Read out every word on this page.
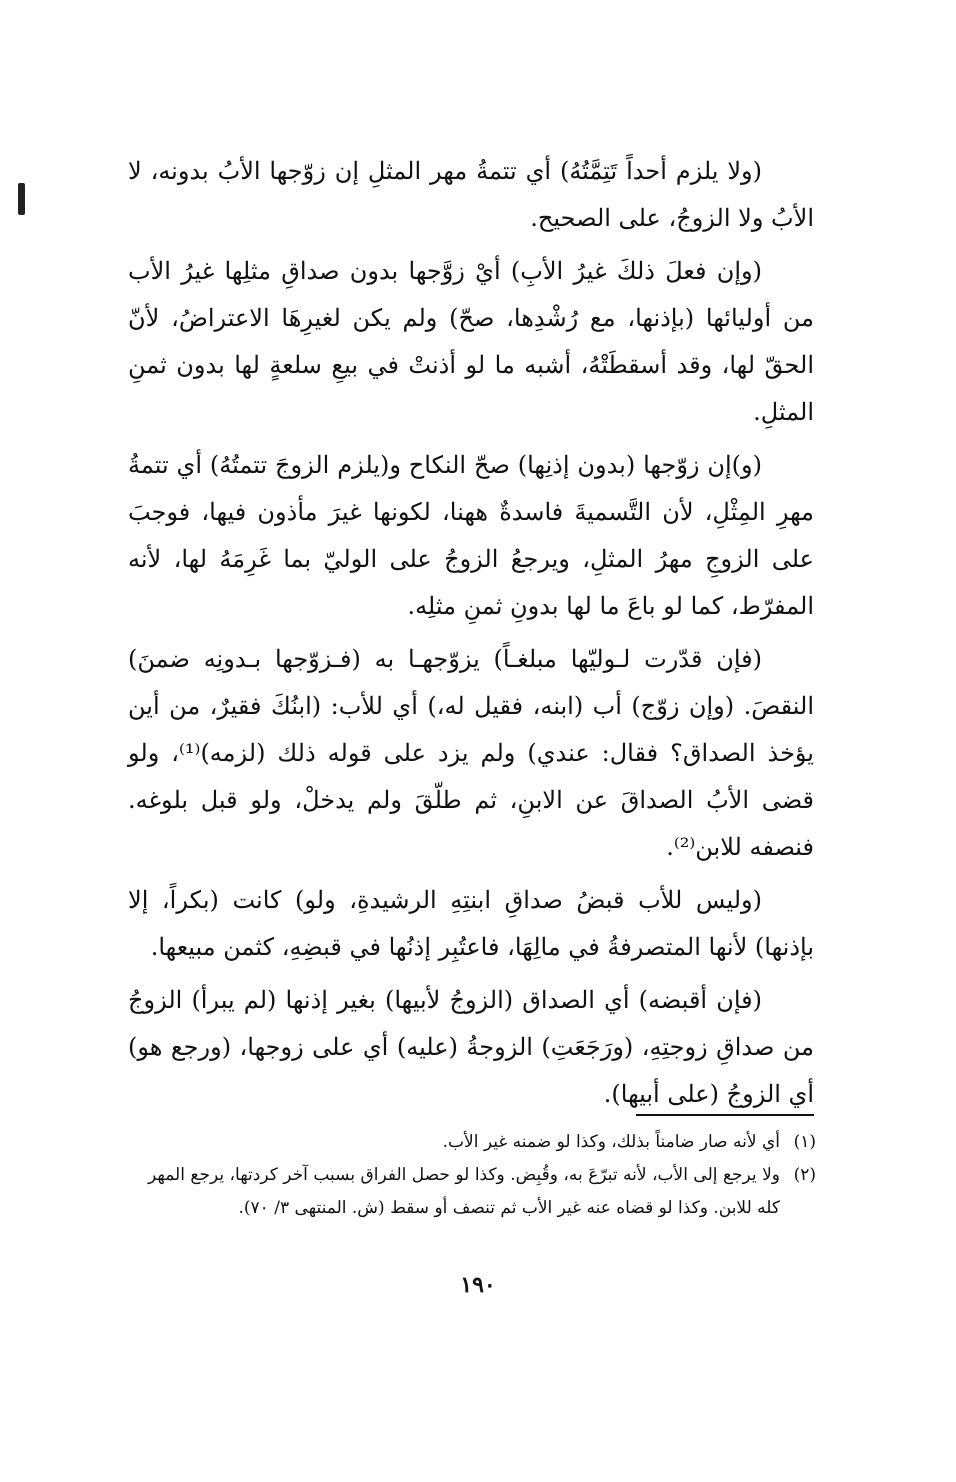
(ولا يلزم أحداً تَتِمَّتُهُ) أي تتمةُ مهر المثلِ إن زوّجها الأبُ بدونه، لا الأبُ ولا الزوجُ، على الصحيح.

(وإن فعلَ ذلكَ غيرُ الأبِ) أيْ زوَّجها بدون صداقِ مثلِها غيرُ الأب من أوليائها (بإذنها، مع رُشْدِها، صحّ) ولم يكن لغيرِهَا الاعتراضُ، لأنّ الحقّ لها، وقد أسقطَتْهُ، أشبه ما لو أذنتْ في بيعِ سلعةٍ لها بدون ثمنِ المثلِ.

(و)إن زوّجها (بدون إذنِها) صحّ النكاح و(يلزم الزوجَ تتمتُهُ) أي تتمةُ مهرِ المِثْلِ، لأن التَّسميةَ فاسدةٌ ههنا، لكونها غيرَ مأذون فيها، فوجبَ على الزوجِ مهرُ المثلِ، ويرجعُ الزوجُ على الوليّ بما غَرِمَهُ لها، لأنه المفرّط، كما لو باعَ ما لها بدونِ ثمنِ مثلِه.

(فإن قدّرت لـوليّها مبلغـاً) يزوّجهـا به (فـزوّجها بـدونِه ضمنَ) النقصَ. (وإن زوّج) أب (ابنه، فقيل له،) أي للأب: (ابنُكَ فقيرٌ، من أين يؤخذ الصداق؟ فقال: عندي) ولم يزد على قوله ذلك (لزمه)⁽¹⁾، ولو قضى الأبُ الصداقَ عن الابنِ، ثم طلّقَ ولم يدخلْ، ولو قبل بلوغه. فنصفه للابن⁽²⁾.

(وليس للأب قبضُ صداقِ ابنتِهِ الرشيدةِ، ولو) كانت (بكراً، إلا بإذنها) لأنها المتصرفةُ في مالِهَا، فاعتُبِر إذنُها في قبضِهِ، كثمن مبيعها.

(فإن أقبضه) أي الصداق (الزوجُ لأبيها) بغير إذنها (لم يبرأ) الزوجُ من صداقِ زوجتِهِ، (ورَجَعَتِ) الزوجةُ (عليه) أي على زوجها، (ورجع هو) أي الزوجُ (على أبيها).

(١)أي لأنه صار ضامناً بذلك، وكذا لو ضمنه غير الأب.

(٢)ولا يرجع إلى الأب، لأنه تبرّعَ به، وقُبِض. وكذا لو حصل الفراق بسبب آخر كردتها، يرجع المهر كله للابن. وكذا لو قضاه عنه غير الأب ثم تنصف أو سقط (ش. المنتهى ٣/ ٧٠).

١٩٠
